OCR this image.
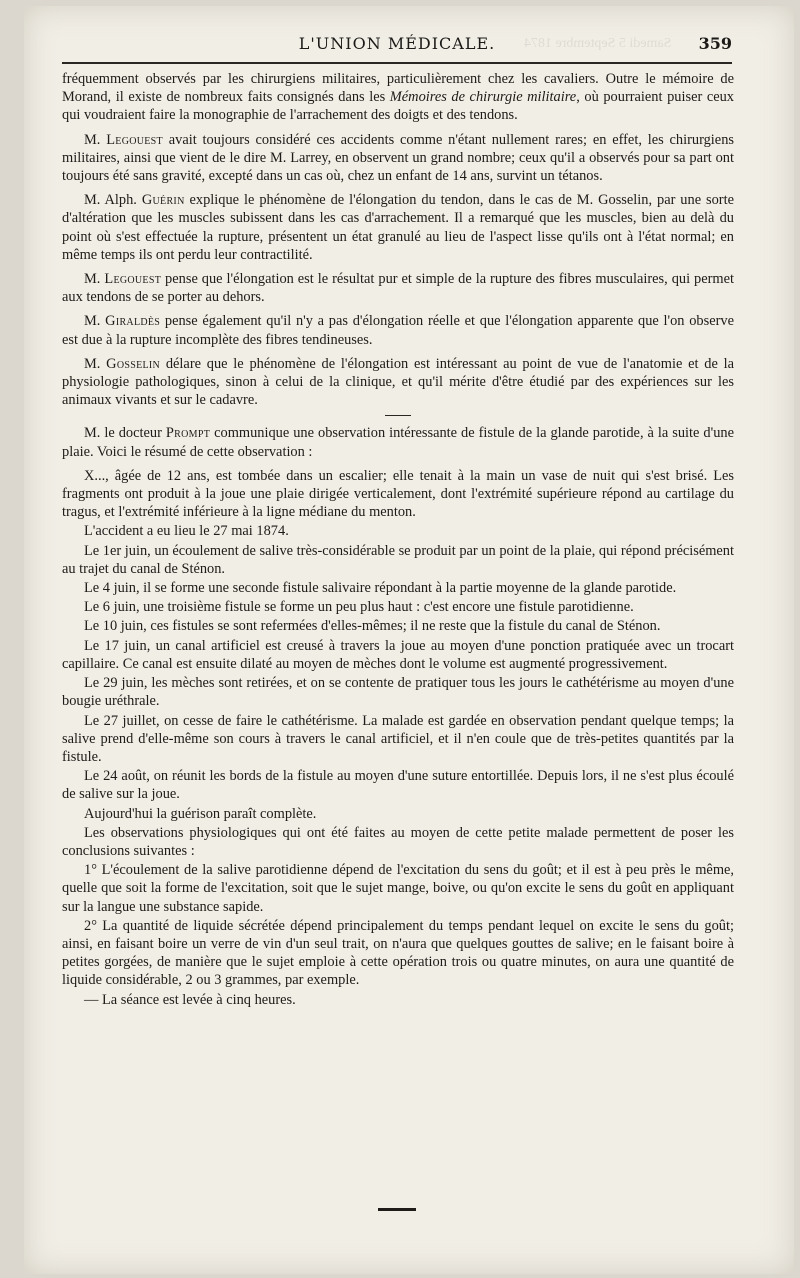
Samedi 5 Septembre 1874
L'UNION MÉDICALE.	359

fréquemment observés par les chirurgiens militaires, particulièrement chez les cavaliers. Outre le mémoire de Morand, il existe de nombreux faits consignés dans les Mémoires de chirurgie militaire, où pourraient puiser ceux qui voudraient faire la monographie de l'arrachement des doigts et des tendons.

M. Legouest avait toujours considéré ces accidents comme n'étant nullement rares; en effet, les chirurgiens militaires, ainsi que vient de le dire M. Larrey, en observent un grand nombre; ceux qu'il a observés pour sa part ont toujours été sans gravité, excepté dans un cas où, chez un enfant de 14 ans, survint un tétanos.

M. Alph. Guérin explique le phénomène de l'élongation du tendon, dans le cas de M. Gosselin, par une sorte d'altération que les muscles subissent dans les cas d'arrachement. Il a remarqué que les muscles, bien au delà du point où s'est effectuée la rupture, présentent un état granulé au lieu de l'aspect lisse qu'ils ont à l'état normal; en même temps ils ont perdu leur contractilité.

M. Legouest pense que l'élongation est le résultat pur et simple de la rupture des fibres musculaires, qui permet aux tendons de se porter au dehors.

M. Giraldès pense également qu'il n'y a pas d'élongation réelle et que l'élongation apparente que l'on observe est due à la rupture incomplète des fibres tendineuses.

M. Gosselin délare que le phénomène de l'élongation est intéressant au point de vue de l'anatomie et de la physiologie pathologiques, sinon à celui de la clinique, et qu'il mérite d'être étudié par des expériences sur les animaux vivants et sur le cadavre.

M. le docteur Prompt communique une observation intéressante de fistule de la glande parotide, à la suite d'une plaie. Voici le résumé de cette observation :

X..., âgée de 12 ans, est tombée dans un escalier; elle tenait à la main un vase de nuit qui s'est brisé. Les fragments ont produit à la joue une plaie dirigée verticalement, dont l'extrémité supérieure répond au cartilage du tragus, et l'extrémité inférieure à la ligne médiane du menton.

L'accident a eu lieu le 27 mai 1874.

Le 1er juin, un écoulement de salive très-considérable se produit par un point de la plaie, qui répond précisément au trajet du canal de Sténon.

Le 4 juin, il se forme une seconde fistule salivaire répondant à la partie moyenne de la glande parotide.

Le 6 juin, une troisième fistule se forme un peu plus haut : c'est encore une fistule parotidienne.

Le 10 juin, ces fistules se sont refermées d'elles-mêmes; il ne reste que la fistule du canal de Sténon.

Le 17 juin, un canal artificiel est creusé à travers la joue au moyen d'une ponction pratiquée avec un trocart capillaire. Ce canal est ensuite dilaté au moyen de mèches dont le volume est augmenté progressivement.

Le 29 juin, les mèches sont retirées, et on se contente de pratiquer tous les jours le cathétérisme au moyen d'une bougie uréthrale.

Le 27 juillet, on cesse de faire le cathétérisme. La malade est gardée en observation pendant quelque temps; la salive prend d'elle-même son cours à travers le canal artificiel, et il n'en coule que de très-petites quantités par la fistule.

Le 24 août, on réunit les bords de la fistule au moyen d'une suture entortillée. Depuis lors, il ne s'est plus écoulé de salive sur la joue.

Aujourd'hui la guérison paraît complète.

Les observations physiologiques qui ont été faites au moyen de cette petite malade permettent de poser les conclusions suivantes :

1° L'écoulement de la salive parotidienne dépend de l'excitation du sens du goût; et il est à peu près le même, quelle que soit la forme de l'excitation, soit que le sujet mange, boive, ou qu'on excite le sens du goût en appliquant sur la langue une substance sapide.

2° La quantité de liquide sécrétée dépend principalement du temps pendant lequel on excite le sens du goût; ainsi, en faisant boire un verre de vin d'un seul trait, on n'aura que quelques gouttes de salive; en le faisant boire à petites gorgées, de manière que le sujet emploie à cette opération trois ou quatre minutes, on aura une quantité de liquide considérable, 2 ou 3 grammes, par exemple.

— La séance est levée à cinq heures.
